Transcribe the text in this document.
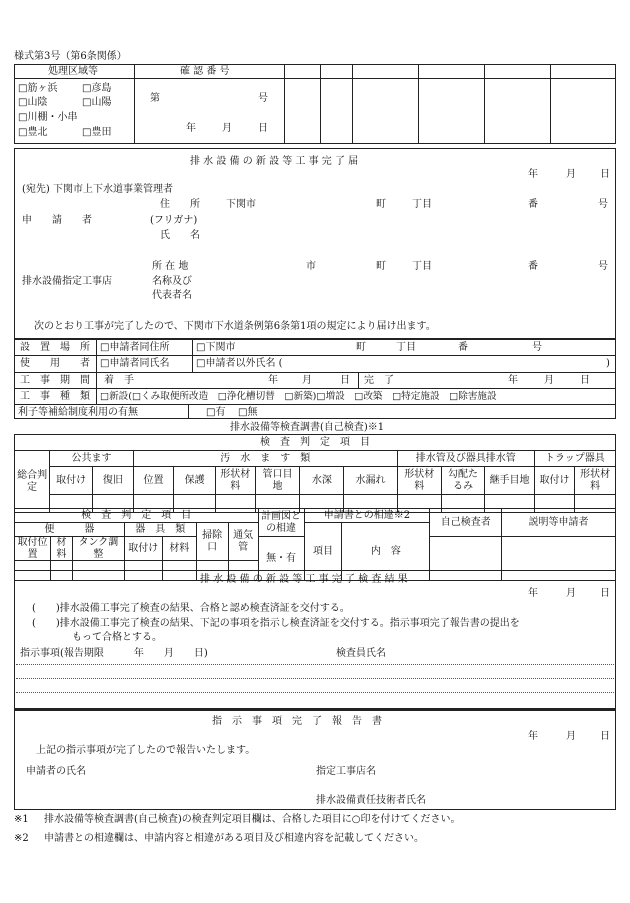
様式第3号（第6条関係）
処理区域等
□筋ヶ浜 □彦島
□山陰	□山陽
□川棚・小串
□豊北	□豊田
確 認 番 号
第	号
年	月	日
排 水 設 備 の 新 設 等 工 事 完 了 届
年	月 日
(宛先) 下関市上下水道事業管理者
住　　所	下関市	町	丁目	番	号
申　　請　　者	(フリガナ)
氏　　名
所 在 地	市	町	丁目	番	号
排水設備指定工事店	名称及び
代表者名
次のとおり工事が完了したので、下関市下水道条例第6条第1項の規定により届け出ます。
設　置　場　所 □申請者同住所	□下関市	町	丁目	番	号
使　　用　　者 □申請者同氏名	□申請者以外氏名 (	)
工　事　期　間 着　手	年 月	日 完　了	年	月	日
工　事　種　類 □新設(□くみ取便所改造　□浄化槽切替　□新築)□増設　□改築　□特定施設　□除害施設
利子等補給制度利用の有無	□有 □無
排水設備等検査調書(自己検査)※1
検　査　判　定　項　目													
総合判定	公共ます		汚　水　ま　す　類						排水管及び器具排水管			トラップ器具	
	取付け	復旧	位置	保護	形状材料	管口目地	水深	水漏れ	形状材料	勾配たるみ	継手目地	取付け	形状材料

検　査　判　定　項　目							計画図との相違	申請書との相違※2		自己検査者	説明等申請者
便　　　器			器　具　類		掃除口	通気管		項目	内　容		
取付位置	材料	タンク調整	取付け	材料			無・有				

排 水 設 備 の 新 設 等 工 事 完 了 検 査 結 果
年	月 日
(　　)排水設備工事完了検査の結果、合格と認め検査済証を交付する。
(　　)排水設備工事完了検査の結果、下記の事項を指示し検査済証を交付する。指示事項完了報告書の提出を
もって合格とする。
指示事項(報告期限　　　年　　月　　日)	検査員氏名
指　示　事　項　完　了　報　告　書
年	月 日
上記の指示事項が完了したので報告いたします。
申請者の氏名	指定工事店名
排水設備責任技術者氏名
※1 排水設備等検査調書(自己検査)の検査判定項目欄は、合格した項目に○印を付けてください。
※2 申請書との相違欄は、申請内容と相違がある項目及び相違内容を記載してください。
